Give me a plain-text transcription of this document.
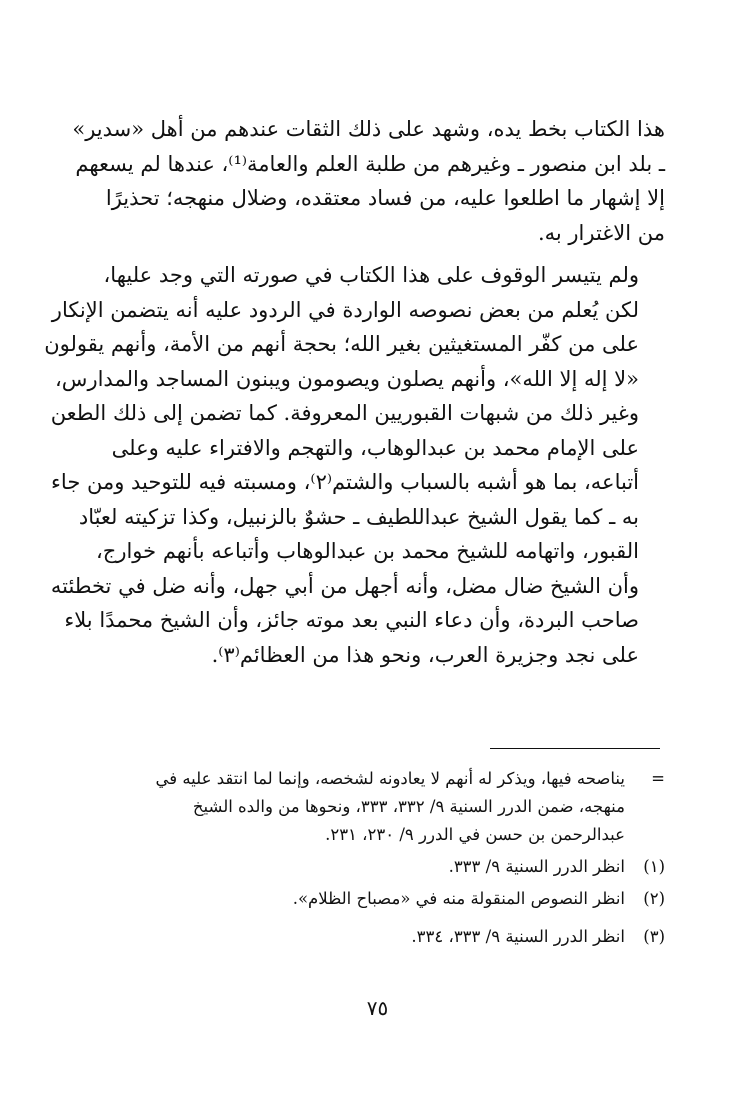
هذا الكتاب بخط يده، وشهد على ذلك الثقات عندهم من أهل «سدير»
ـ بلد ابن منصور ـ وغيرهم من طلبة العلم والعامة⁽¹⁾، عندها لم يسعهم
إلا إشهار ما اطلعوا عليه، من فساد معتقده، وضلال منهجه؛ تحذيرًا
من الاغترار به.

ولم يتيسر الوقوف على هذا الكتاب في صورته التي وجد عليها،
لكن يُعلم من بعض نصوصه الواردة في الردود عليه أنه يتضمن الإنكار
على من كفّر المستغيثين بغير الله؛ بحجة أنهم من الأمة، وأنهم يقولون
«لا إله إلا الله»، وأنهم يصلون ويصومون ويبنون المساجد والمدارس،
وغير ذلك من شبهات القبوريين المعروفة. كما تضمن إلى ذلك الطعن
على الإمام محمد بن عبدالوهاب، والتهجم والافتراء عليه وعلى
أتباعه، بما هو أشبه بالسباب والشتم⁽٢⁾، ومسبته فيه للتوحيد ومن جاء
به ـ كما يقول الشيخ عبداللطيف ـ حشوٌ بالزنبيل، وكذا تزكيته لعبّاد
القبور، واتهامه للشيخ محمد بن عبدالوهاب وأتباعه بأنهم خوارج،
وأن الشيخ ضال مضل، وأنه أجهل من أبي جهل، وأنه ضل في تخطئته
صاحب البردة، وأن دعاء النبي بعد موته جائز، وأن الشيخ محمدًا بلاء
على نجد وجزيرة العرب، ونحو هذا من العظائم⁽٣⁾.

=
يناصحه فيها، ويذكر له أنهم لا يعادونه لشخصه، وإنما لما انتقد عليه في
منهجه، ضمن الدرر السنية ٩/ ٣٣٢، ٣٣٣، ونحوها من والده الشيخ
عبدالرحمن بن حسن في الدرر ٩/ ٢٣٠، ٢٣١.
(١)
انظر الدرر السنية ٩/ ٣٣٣.
(٢)
انظر النصوص المنقولة منه في «مصباح الظلام».
(٣)
انظر الدرر السنية ٩/ ٣٣٣، ٣٣٤.
٧٥
